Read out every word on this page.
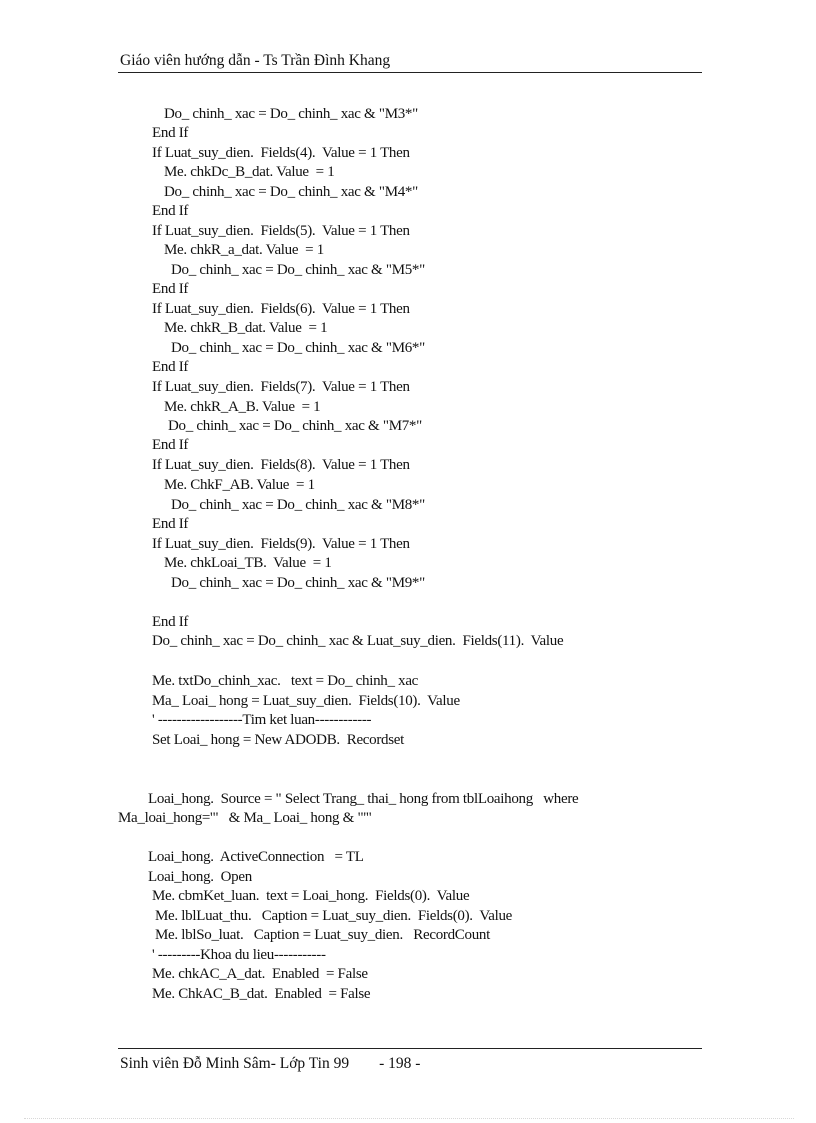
Giáo viên hướng dẫn - Ts Trần Đình Khang
Do_ chinh_ xac = Do_ chinh_ xac & "M3*"
End If
If Luat_suy_dien.  Fields(4).  Value = 1 Then
Me. chkDc_B_dat. Value  = 1
Do_ chinh_ xac = Do_ chinh_ xac & "M4*"
End If
If Luat_suy_dien.  Fields(5).  Value = 1 Then
Me. chkR_a_dat. Value  = 1
Do_ chinh_ xac = Do_ chinh_ xac & "M5*"
End If
If Luat_suy_dien.  Fields(6).  Value = 1 Then
Me. chkR_B_dat. Value  = 1
Do_ chinh_ xac = Do_ chinh_ xac & "M6*"
End If
If Luat_suy_dien.  Fields(7).  Value = 1 Then
Me. chkR_A_B. Value  = 1
Do_ chinh_ xac = Do_ chinh_ xac & "M7*"
End If
If Luat_suy_dien.  Fields(8).  Value = 1 Then
Me. ChkF_AB. Value  = 1
Do_ chinh_ xac = Do_ chinh_ xac & "M8*"
End If
If Luat_suy_dien.  Fields(9).  Value = 1 Then
Me. chkLoai_TB.  Value  = 1
Do_ chinh_ xac = Do_ chinh_ xac & "M9*"
End If
Do_ chinh_ xac = Do_ chinh_ xac & Luat_suy_dien.  Fields(11).  Value
Me. txtDo_chinh_xac.   text = Do_ chinh_ xac
Ma_ Loai_ hong = Luat_suy_dien.  Fields(10).  Value
' ------------------Tim ket luan------------
Set Loai_ hong = New ADODB.  Recordset
Loai_hong.  Source = " Select Trang_ thai_ hong from tblLoaihong   where
Ma_loai_hong='"   & Ma_ Loai_ hong & "'"
Loai_hong.  ActiveConnection   = TL
Loai_hong.  Open
Me. cbmKet_luan.  text = Loai_hong.  Fields(0).  Value
Me. lblLuat_thu.   Caption = Luat_suy_dien.  Fields(0).  Value
Me. lblSo_luat.   Caption = Luat_suy_dien.   RecordCount
' ---------Khoa du lieu-----------
Me. chkAC_A_dat.  Enabled  = False
Me. ChkAC_B_dat.  Enabled  = False
Sinh viên Đỗ Minh Sâm- Lớp Tin 99 - 198 -
